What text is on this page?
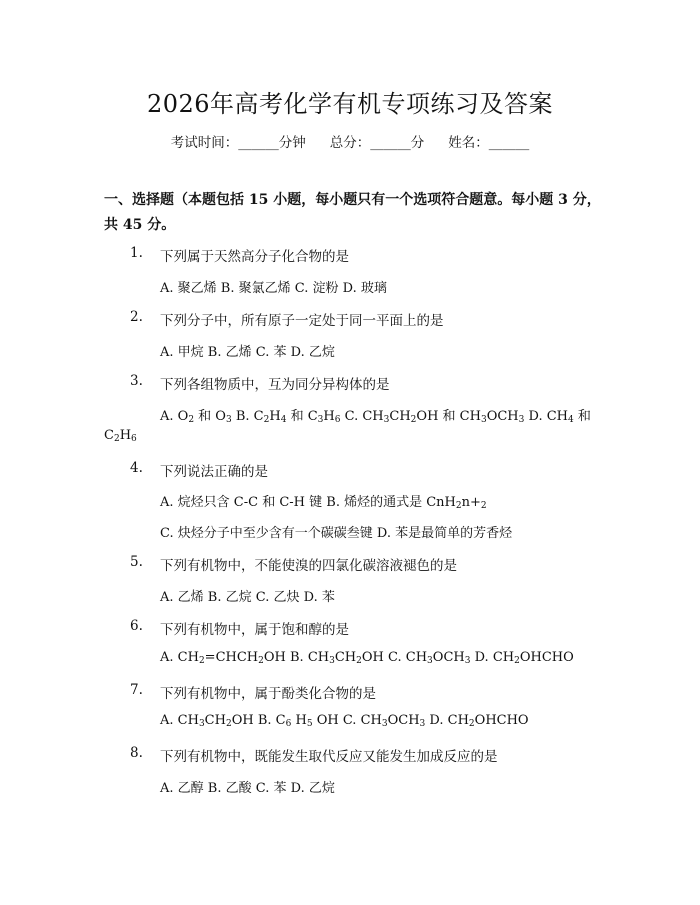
2026年高考化学有机专项练习及答案
考试时间：______分钟 总分：______分 姓名：______
一、选择题（本题包括 15 小题，每小题只有一个选项符合题意。每小题 3 分，共 45 分。
1. 下列属于天然高分子化合物的是
A. 聚乙烯 B. 聚氯乙烯 C. 淀粉 D. 玻璃
2. 下列分子中，所有原子一定处于同一平面上的是
A. 甲烷 B. 乙烯 C. 苯 D. 乙烷
3. 下列各组物质中，互为同分异构体的是
A. $O_2$ 和 $O_3$ B. $C_2H_4$ 和 $C_3H_6$ C. $CH_3CH_2OH$ 和 $CH_3OCH_3$ D. $CH_4$ 和
$C_2H_6$
4. 下列说法正确的是
A. 烷烃只含 C-C 和 C-H 键 B. 烯烃的通式是 $CnH_2n+_2$
C. 炔烃分子中至少含有一个碳碳叁键 D. 苯是最简单的芳香烃
5. 下列有机物中，不能使溴的四氯化碳溶液褪色的是
A. 乙烯 B. 乙烷 C. 乙炔 D. 苯
6. 下列有机物中，属于饱和醇的是
A. $CH_2=CHCH_2OH$ B. $CH_3CH_2OH$ C. $CH_3OCH_3$ D. $CH_2OHCHO$
7. 下列有机物中，属于酚类化合物的是
A. $CH_3CH_2OH$ B. $C_6$ $H_5$ OH C. $CH_3OCH_3$ D. $CH_2OHCHO$
8. 下列有机物中，既能发生取代反应又能发生加成反应的是
A. 乙醇 B. 乙酸 C. 苯 D. 乙烷
